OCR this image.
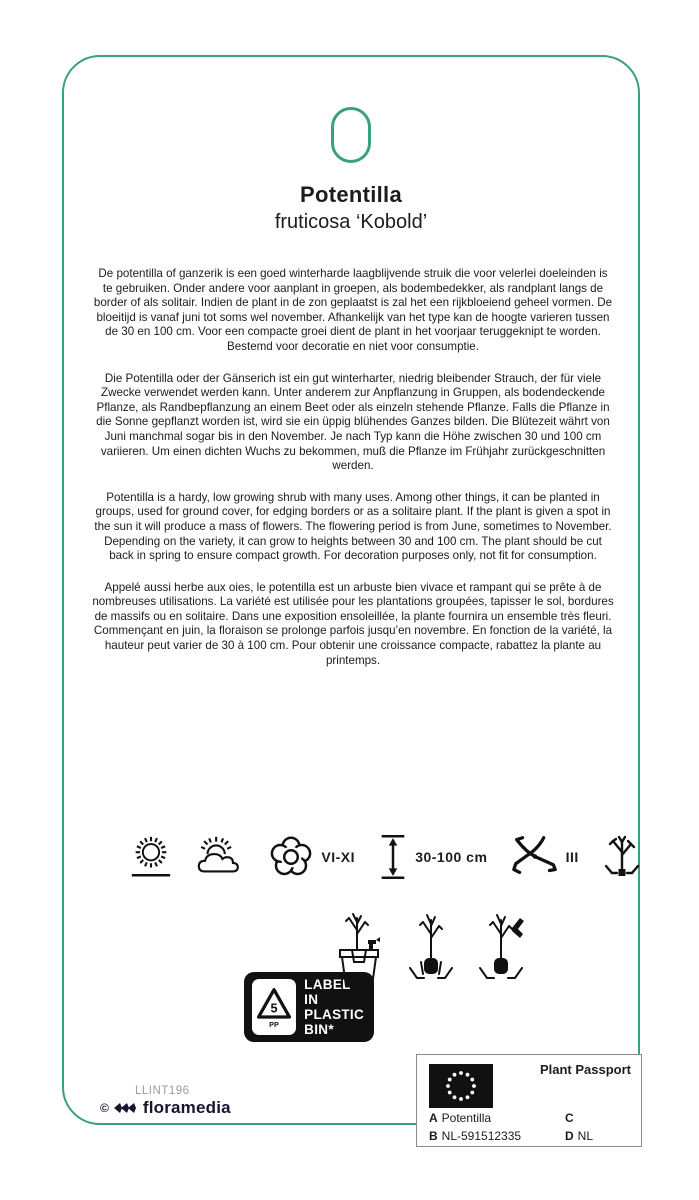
Potentilla
fruticosa ‘Kobold’

De potentilla of ganzerik is een goed winterharde laagblijvende struik die voor velerlei doeleinden is te gebruiken. Onder andere voor aanplant in groepen, als bodembedekker, als randplant langs de border of als solitair. Indien de plant in de zon geplaatst is zal het een rijkbloeiend geheel vormen. De bloeitijd is vanaf juni tot soms wel november. Afhankelijk van het type kan de hoogte varieren tussen de 30 en 100 cm. Voor een compacte groei dient de plant in het voorjaar teruggeknipt te worden. Bestemd voor decoratie en niet voor consumptie.

Die Potentilla oder der Gänserich ist ein gut winterharter, niedrig bleibender Strauch, der für viele Zwecke verwendet werden kann. Unter anderem zur Anpflanzung in Gruppen, als bodendeckende Pflanze, als Randbepflanzung an einem Beet oder als einzeln stehende Pflanze. Falls die Pflanze in die Sonne gepflanzt worden ist, wird sie ein üppig blühendes Ganzes bilden. Die Blütezeit währt von Juni manchmal sogar bis in den November. Je nach Typ kann die Höhe zwischen 30 und 100 cm variieren. Um einen dichten Wuchs zu bekommen, muß die Pflanze im Frühjahr zurückgeschnitten werden.

Potentilla is a hardy, low growing shrub with many uses. Among other things, it can be planted in groups, used for ground cover, for edging borders or as a solitaire plant. If the plant is given a spot in the sun it will produce a mass of flowers. The flowering period is from June, sometimes to November. Depending on the variety, it can grow to heights between 30 and 100 cm. The plant should be cut back in spring to ensure compact growth. For decoration purposes only, not fit for consumption.

Appelé aussi herbe aux oies, le potentilla est un arbuste bien vivace et rampant qui se prête à de nombreuses utilisations. La variété est utilisée pour les plantations groupées, tapisser le sol, bordures de massifs ou en solitaire. Dans une exposition ensoleillée, la plante fournira un ensemble très fleuri. Commençant en juin, la floraison se prolonge parfois jusqu’en novembre. En fonction de la variété, la hauteur peut varier de 30 à 100 cm. Pour obtenir une croissance compacte, rabattez la plante au printemps.

VI-XI	30-100 cm	III
5
PP
LABEL IN
PLASTIC
BIN*
Plant Passport
A Potentilla	C
B NL-591512335	D NL
LLINT196
© floramedia
